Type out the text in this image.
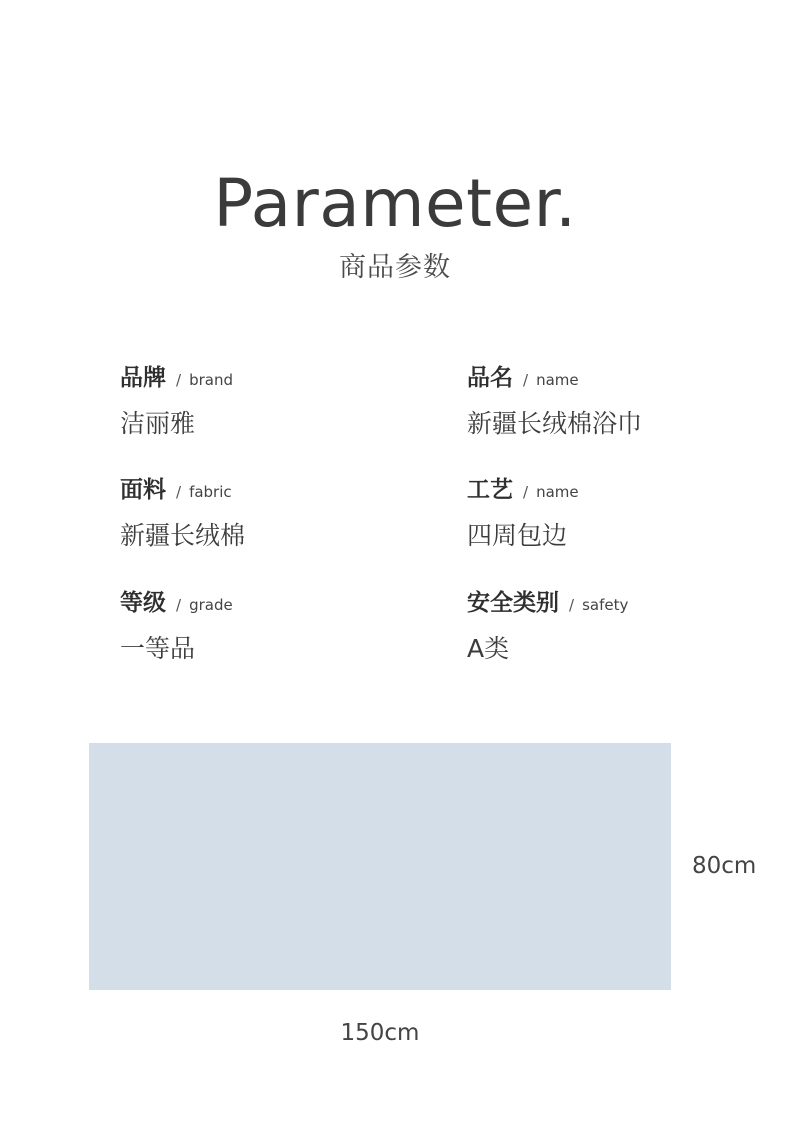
Parameter.
商品参数
品牌 / brand
洁丽雅
品名 / name
新疆长绒棉浴巾
面料 / fabric
新疆长绒棉
工艺 / name
四周包边
等级 / grade
一等品
安全类别 / safety
A类
80cm
150cm
